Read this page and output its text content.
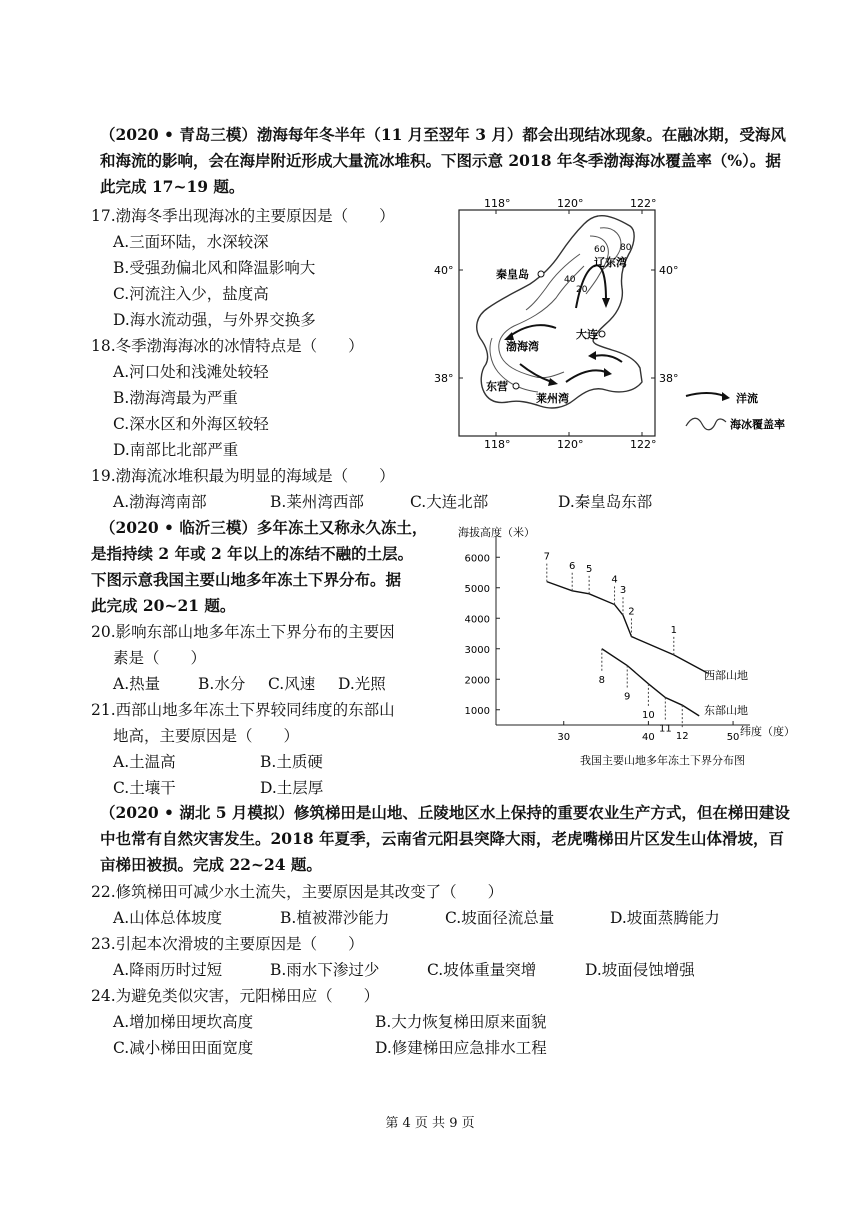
（2020 • 青岛三模）渤海每年冬半年（11 月至翌年 3 月）都会出现结冰现象。在融冰期，受海风和海流的影响，会在海岸附近形成大量流冰堆积。下图示意 2018 年冬季渤海海冰覆盖率（%）。据此完成 17~19 题。
17.渤海冬季出现海冰的主要原因是（　　）
A.三面环陆，水深较深
B.受强劲偏北风和降温影响大
C.河流注入少，盐度高
D.海水流动强，与外界交换多
18.冬季渤海海冰的冰情特点是（　　）
A.河口处和浅滩处较轻
B.渤海湾最为严重
C.深水区和外海区较轻
D.南部比北部严重
19.渤海流冰堆积最为明显的海域是（　　）
A.渤海湾南部	B.莱州湾西部	C.大连北部	D.秦皇岛东部
118°	120°	122°
118°	120°	122°
40°	40°
38°	38°
80
60
40
20
秦皇岛
辽东湾
大连
渤海湾
东营
莱州湾	洋流
海冰覆盖率
（2020 • 临沂三模）多年冻土又称永久冻土，
是指持续 2 年或 2 年以上的冻结不融的土层。
下图示意我国主要山地多年冻土下界分布。据
此完成 20~21 题。
20.影响东部山地多年冻土下界分布的主要因
素是（　　）
A.热量 B.水分 C.风速 D.光照
21.西部山地多年冻土下界较同纬度的东部山
地高，主要原因是（　　）
A.土温高	B.土质硬
C.土壤干	D.土层厚
海拔高度（米）
6000
5000
4000
3000
2000
1000
30	40	50
7
6 5
4
3
2
1
8
9
10
11
12
西部山地
东部山地
纬度（度）
我国主要山地多年冻土下界分布图
（2020 • 湖北 5 月模拟）修筑梯田是山地、丘陵地区水上保持的重要农业生产方式，但在梯田建设中也常有自然灾害发生。2018 年夏季，云南省元阳县突降大雨，老虎嘴梯田片区发生山体滑坡，百亩梯田被损。完成 22~24 题。
22.修筑梯田可减少水土流失，主要原因是其改变了（　　）
A.山体总体坡度	B.植被滞沙能力	C.坡面径流总量	D.坡面蒸腾能力
23.引起本次滑坡的主要原因是（　　）
A.降雨历时过短	B.雨水下渗过少	C.坡体重量突增	D.坡面侵蚀增强
24.为避免类似灾害，元阳梯田应（　　）
A.增加梯田埂坎高度	B.大力恢复梯田原来面貌
C.减小梯田田面宽度	D.修建梯田应急排水工程
第 4 页 共 9 页
